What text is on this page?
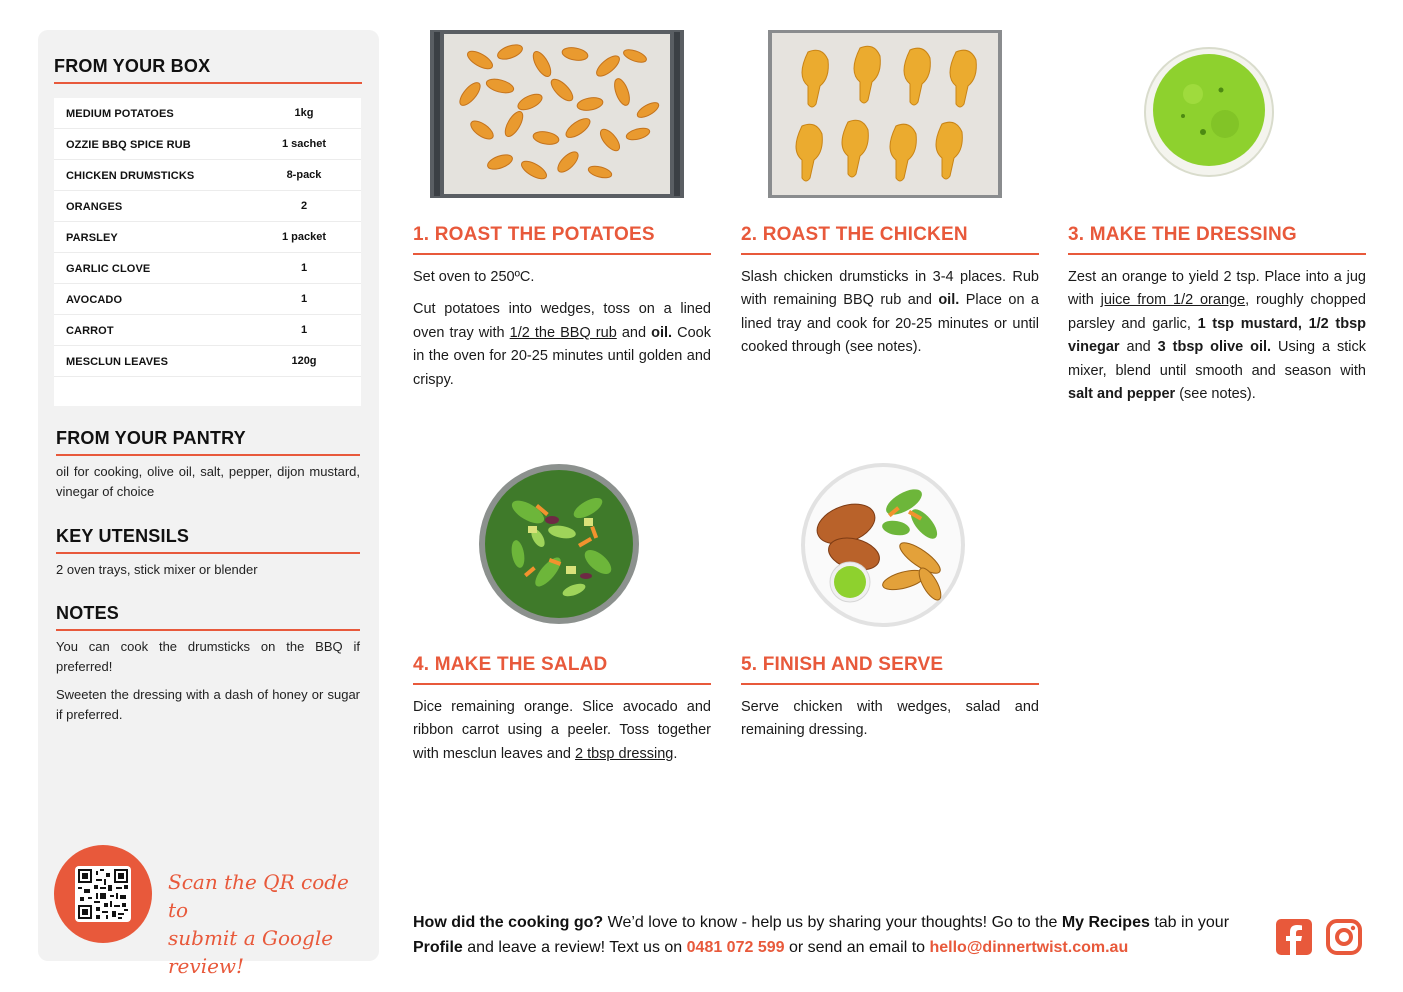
FROM YOUR BOX
MEDIUM POTATOES	1kg
OZZIE BBQ SPICE RUB	1 sachet
CHICKEN DRUMSTICKS	8-pack
ORANGES	2
PARSLEY	1 packet
GARLIC CLOVE	1
AVOCADO	1
CARROT	1
MESCLUN LEAVES	120g
FROM YOUR PANTRY
oil for cooking, olive oil, salt, pepper, dijon mustard, vinegar of choice
KEY UTENSILS
2 oven trays, stick mixer or blender
NOTES
You can cook the drumsticks on the BBQ if preferred!
Sweeten the dressing with a dash of honey or sugar if preferred.
Scan the QR code to
submit a Google review!
1. ROAST THE POTATOES

Set oven to 250ºC.

Cut potatoes into wedges, toss on a lined oven tray with 1/2 the BBQ rub and oil. Cook in the oven for 20-25 minutes until golden and crispy.

2. ROAST THE CHICKEN

Slash chicken drumsticks in 3-4 places. Rub with remaining BBQ rub and oil. Place on a lined tray and cook for 20-25 minutes or until cooked through (see notes).

3. MAKE THE DRESSING

Zest an orange to yield 2 tsp. Place into a jug with juice from 1/2 orange, roughly chopped parsley and garlic, 1 tsp mustard, 1/2 tbsp vinegar and 3 tbsp olive oil. Using a stick mixer, blend until smooth and season with salt and pepper (see notes).

4. MAKE THE SALAD

Dice remaining orange. Slice avocado and ribbon carrot using a peeler. Toss together with mesclun leaves and 2 tbsp dressing.

5. FINISH AND SERVE

Serve chicken with wedges, salad and remaining dressing.

How did the cooking go? We’d love to know - help us by sharing your thoughts! Go to the My Recipes tab in your Profile and leave a review! Text us on 0481 072 599 or send an email to hello@dinnertwist.com.au
